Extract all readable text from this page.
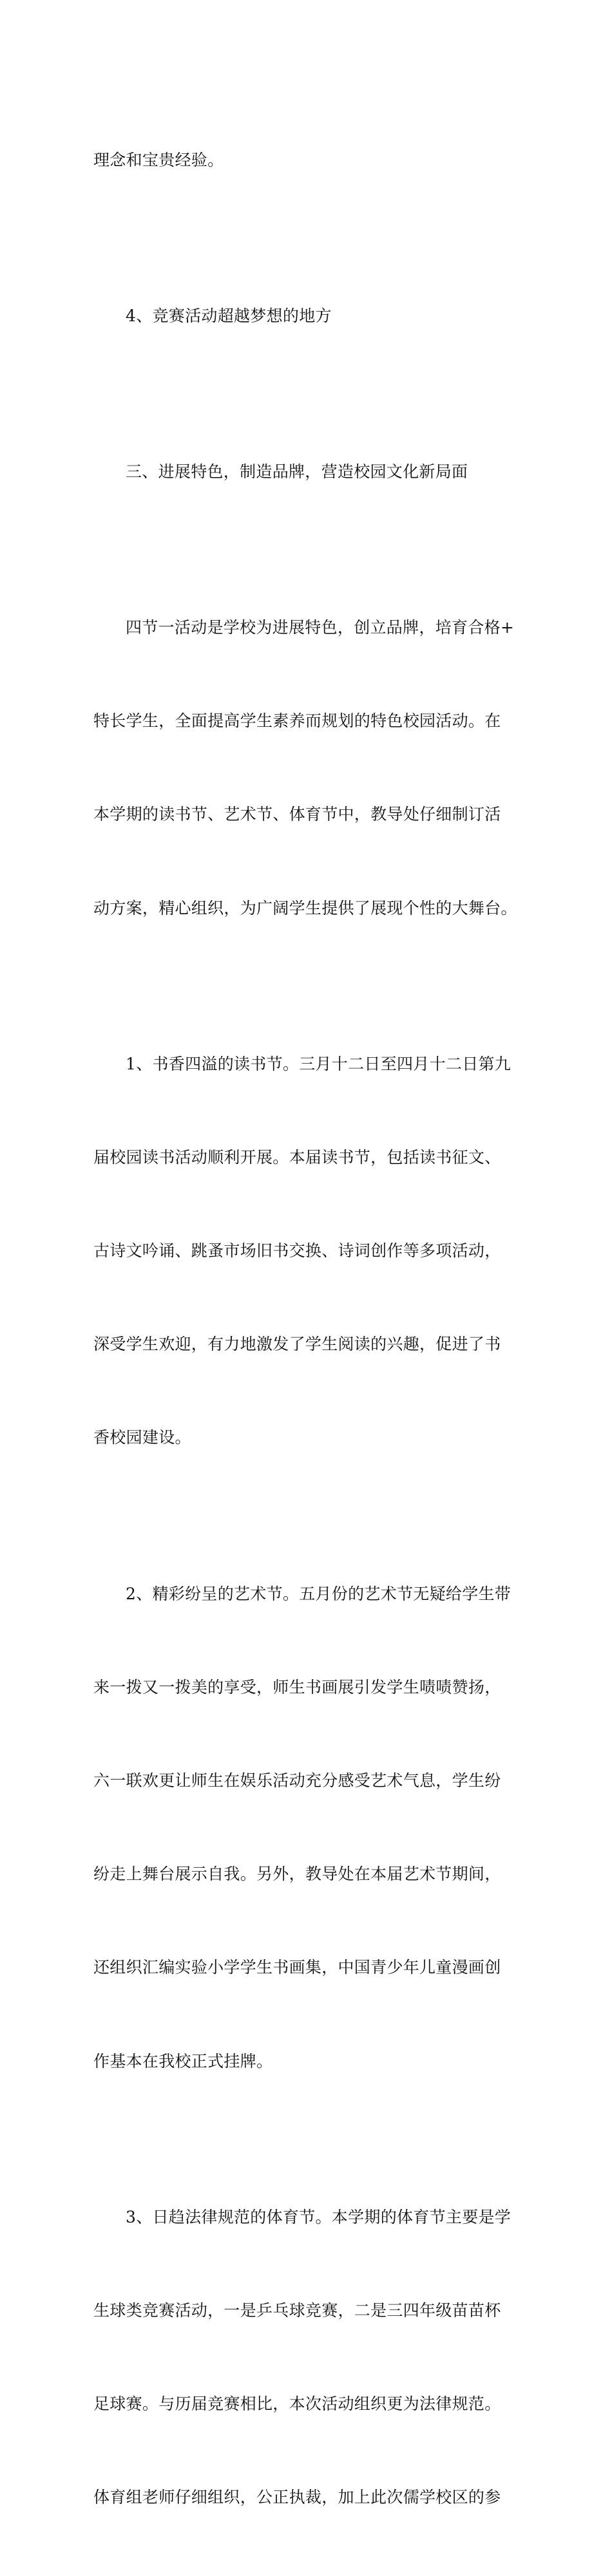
理念和宝贵经验。

4、竞赛活动超越梦想的地方

三、进展特色，制造品牌，营造校园文化新局面

四节一活动是学校为进展特色，创立品牌，培育合格+

特长学生，全面提高学生素养而规划的特色校园活动。在

本学期的读书节、艺术节、体育节中，教导处仔细制订活

动方案，精心组织，为广阔学生提供了展现个性的大舞台。

1、书香四溢的读书节。三月十二日至四月十二日第九

届校园读书活动顺利开展。本届读书节，包括读书征文、

古诗文吟诵、跳蚤市场旧书交换、诗词创作等多项活动，

深受学生欢迎，有力地激发了学生阅读的兴趣，促进了书

香校园建设。

2、精彩纷呈的艺术节。五月份的艺术节无疑给学生带

来一拨又一拨美的享受，师生书画展引发学生啧啧赞扬，

六一联欢更让师生在娱乐活动充分感受艺术气息，学生纷

纷走上舞台展示自我。另外，教导处在本届艺术节期间，

还组织汇编实验小学学生书画集，中国青少年儿童漫画创

作基本在我校正式挂牌。

3、日趋法律规范的体育节。本学期的体育节主要是学

生球类竞赛活动，一是乒乓球竞赛，二是三四年级苗苗杯

足球赛。与历届竞赛相比，本次活动组织更为法律规范。

体育组老师仔细组织，公正执裁，加上此次儒学校区的参
